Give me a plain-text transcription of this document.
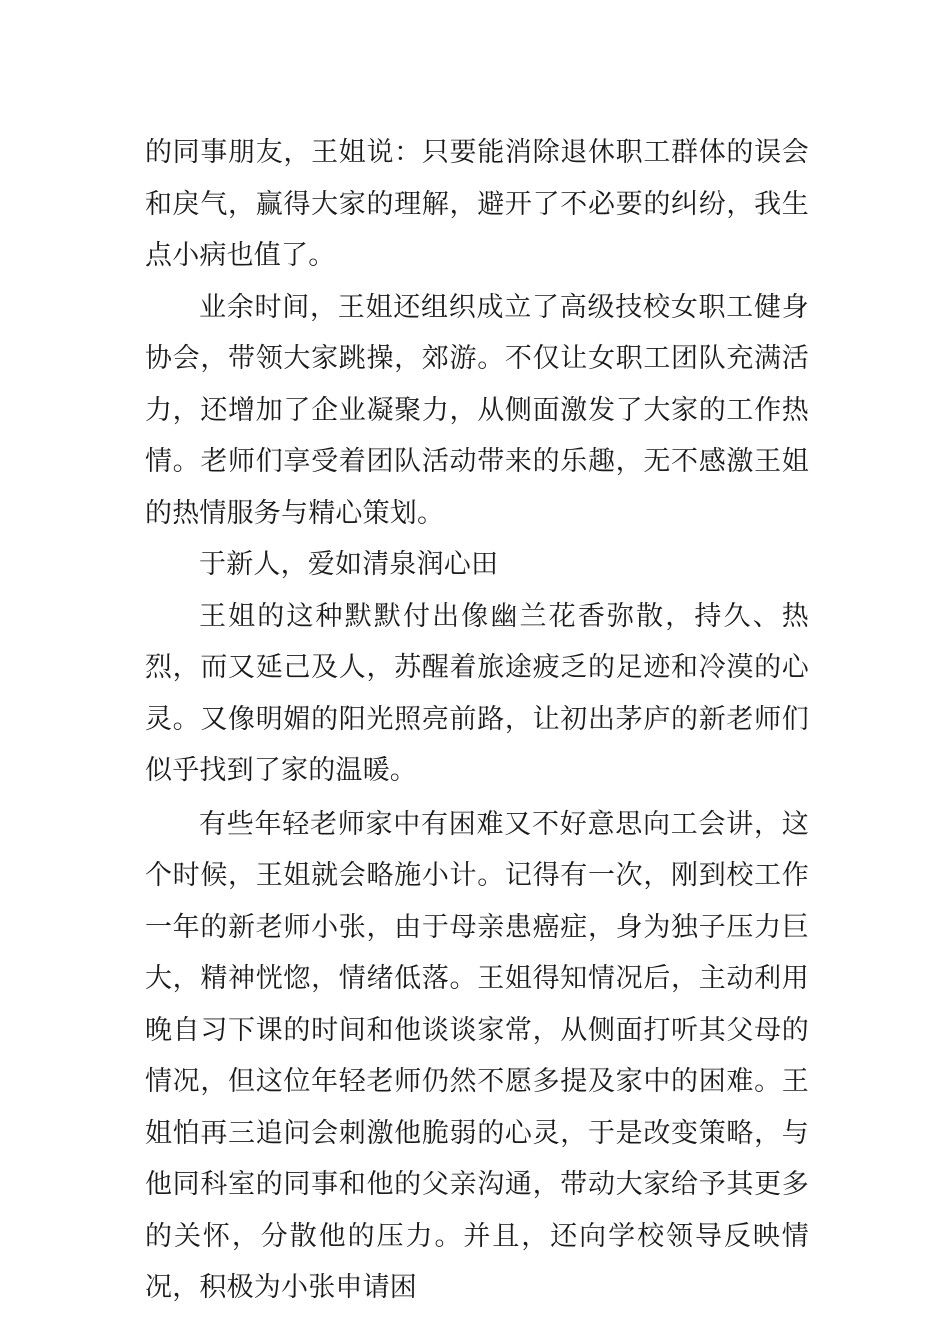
的同事朋友，王姐说：只要能消除退休职工群体的误会和戾气，赢得大家的理解，避开了不必要的纠纷，我生点小病也值了。

业余时间，王姐还组织成立了高级技校女职工健身协会，带领大家跳操，郊游。不仅让女职工团队充满活力，还增加了企业凝聚力，从侧面激发了大家的工作热情。老师们享受着团队活动带来的乐趣，无不感激王姐的热情服务与精心策划。

于新人，爱如清泉润心田

王姐的这种默默付出像幽兰花香弥散，持久、热烈，而又延己及人，苏醒着旅途疲乏的足迹和冷漠的心灵。又像明媚的阳光照亮前路，让初出茅庐的新老师们似乎找到了家的温暖。

有些年轻老师家中有困难又不好意思向工会讲，这个时候，王姐就会略施小计。记得有一次，刚到校工作一年的新老师小张，由于母亲患癌症，身为独子压力巨大，精神恍惚，情绪低落。王姐得知情况后，主动利用晚自习下课的时间和他谈谈家常，从侧面打听其父母的情况，但这位年轻老师仍然不愿多提及家中的困难。王姐怕再三追问会刺激他脆弱的心灵，于是改变策略，与他同科室的同事和他的父亲沟通，带动大家给予其更多的关怀，分散他的压力。并且，还向学校领导反映情况，积极为小张申请困
